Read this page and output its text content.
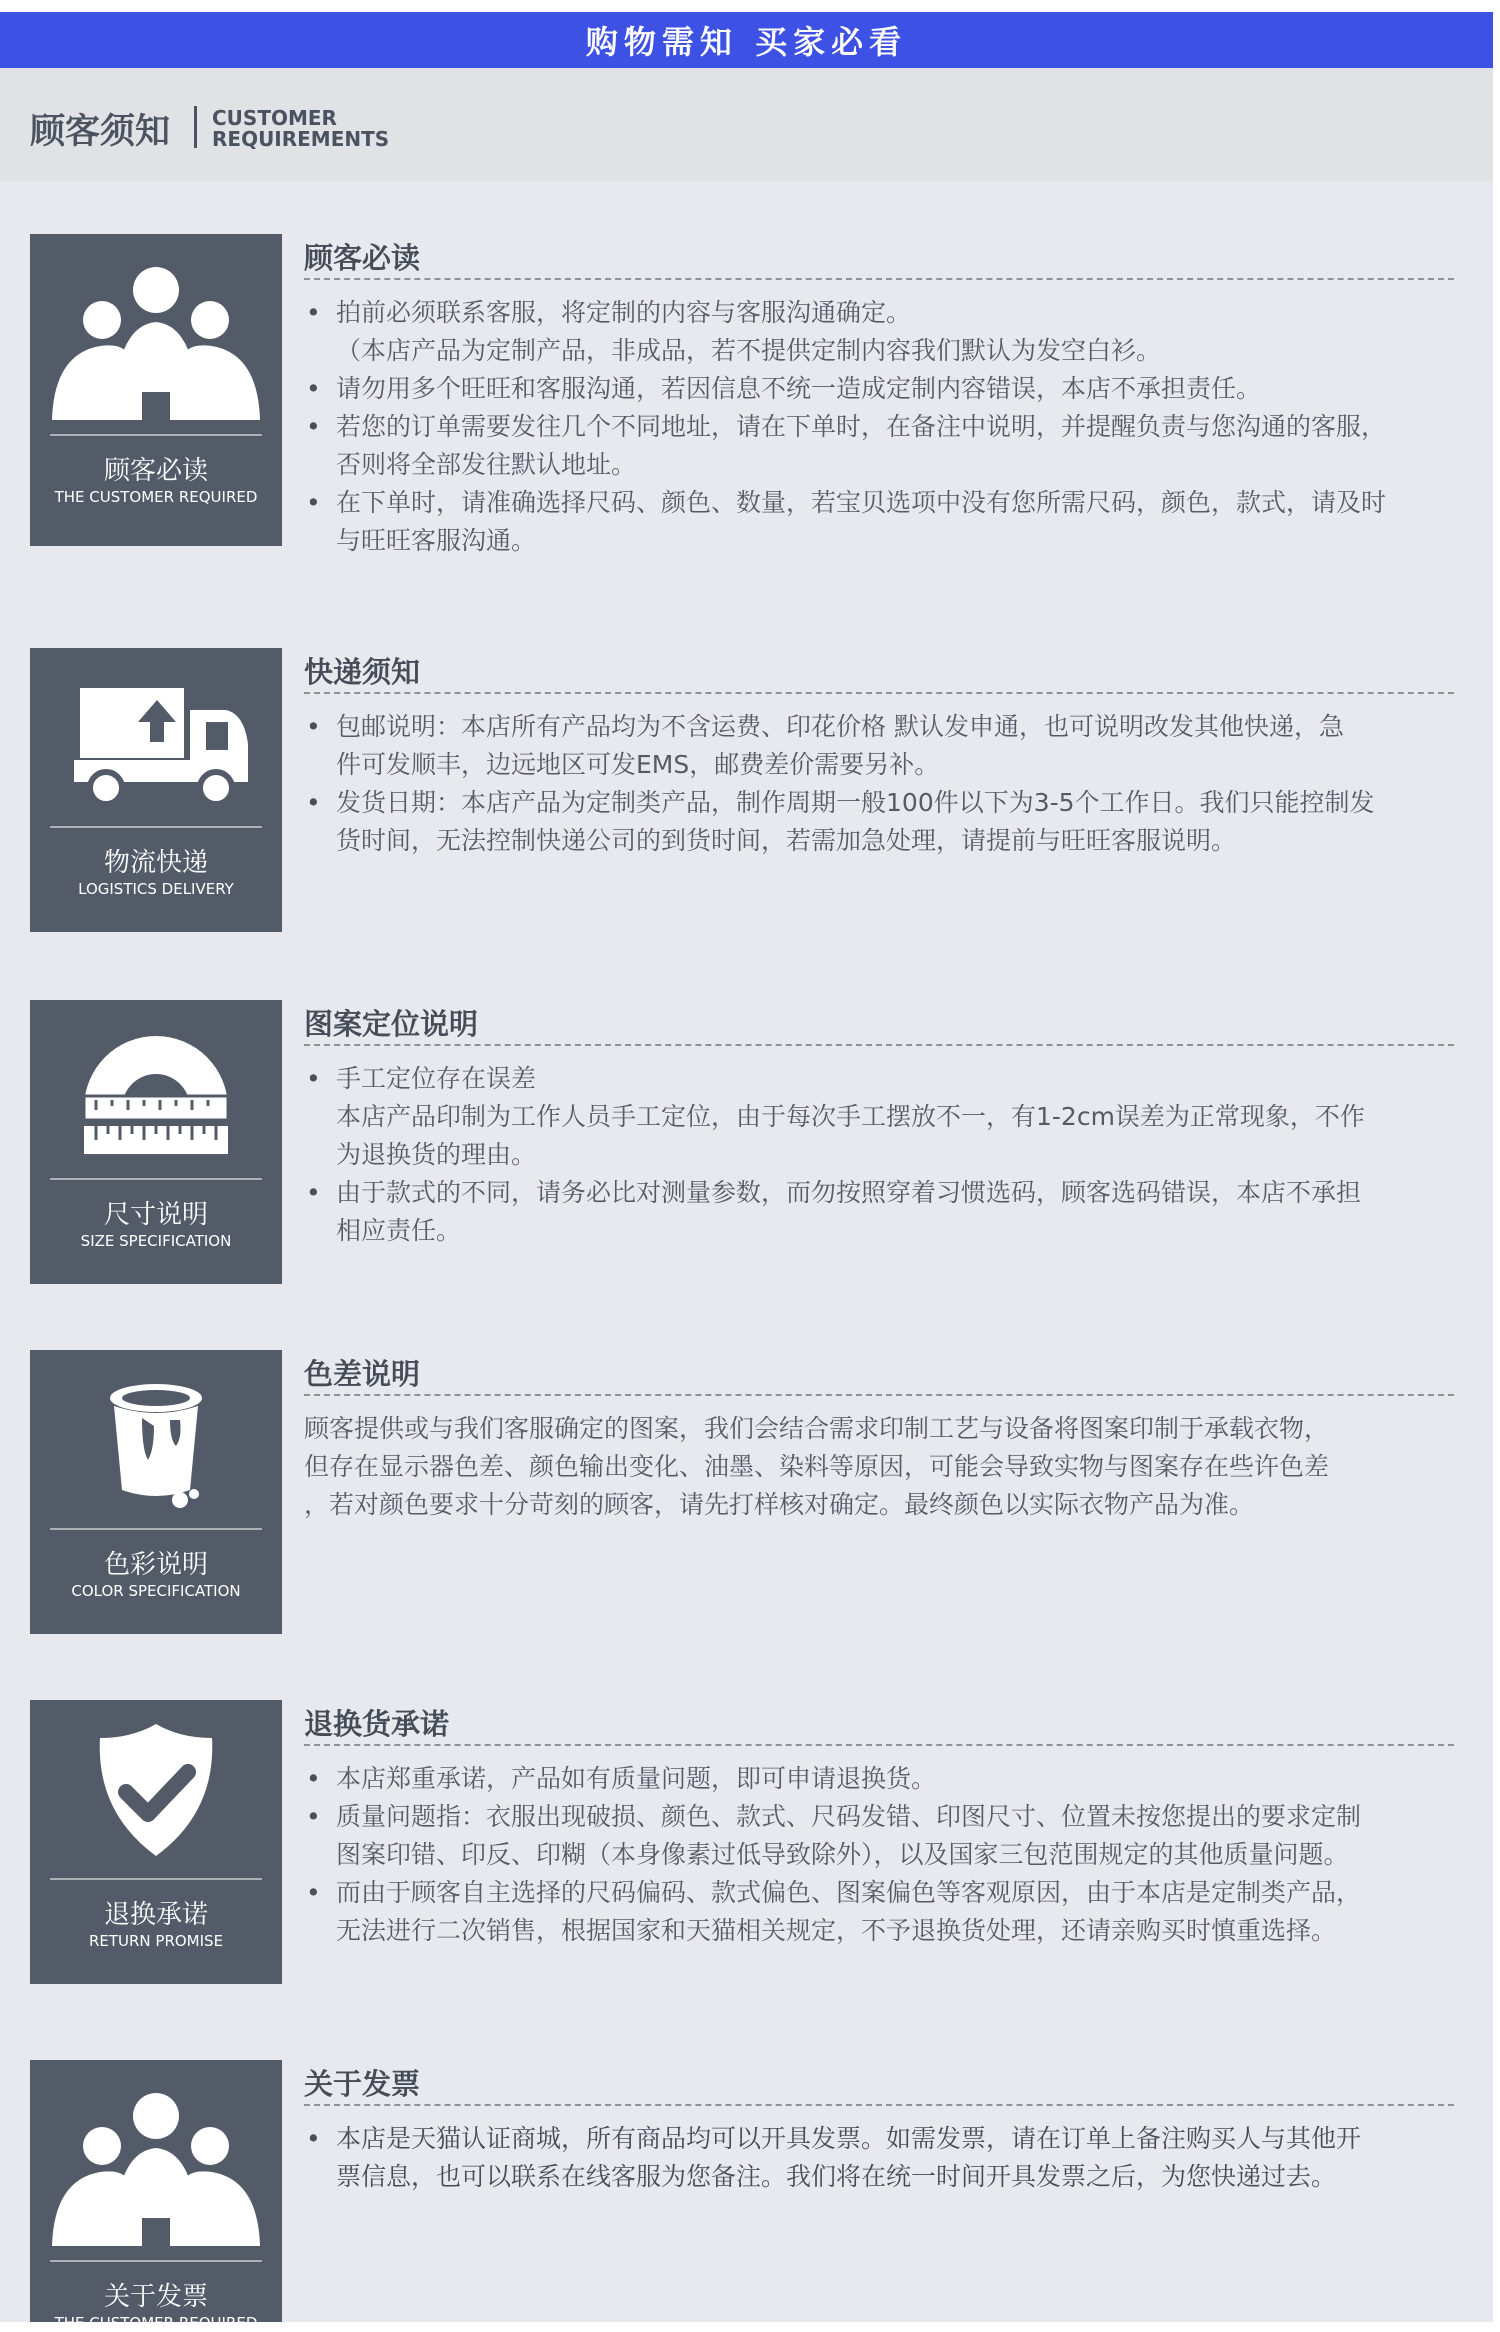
购物需知 买家必看
顾客须知 CUSTOMER
REQUIREMENTS
顾客必读
THE CUSTOMER REQUIRED
顾客必读
• 拍前必须联系客服，将定制的内容与客服沟通确定。
（本店产品为定制产品，非成品，若不提供定制内容我们默认为发空白衫。
• 请勿用多个旺旺和客服沟通，若因信息不统一造成定制内容错误，本店不承担责任。
• 若您的订单需要发往几个不同地址，请在下单时，在备注中说明，并提醒负责与您沟通的客服，
否则将全部发往默认地址。
• 在下单时，请准确选择尺码、颜色、数量，若宝贝选项中没有您所需尺码，颜色，款式，请及时
与旺旺客服沟通。
物流快递
LOGISTICS DELIVERY
快递须知
• 包邮说明：本店所有产品均为不含运费、印花价格 默认发申通，也可说明改发其他快递，急
件可发顺丰，边远地区可发EMS，邮费差价需要另补。
• 发货日期：本店产品为定制类产品，制作周期一般100件以下为3-5个工作日。我们只能控制发
货时间，无法控制快递公司的到货时间，若需加急处理，请提前与旺旺客服说明。
尺寸说明
SIZE SPECIFICATION
图案定位说明
• 手工定位存在误差
本店产品印制为工作人员手工定位，由于每次手工摆放不一，有1-2cm误差为正常现象，不作
为退换货的理由。
• 由于款式的不同，请务必比对测量参数，而勿按照穿着习惯选码，顾客选码错误，本店不承担
相应责任。
色彩说明
COLOR SPECIFICATION
色差说明

顾客提供或与我们客服确定的图案，我们会结合需求印制工艺与设备将图案印制于承载衣物，
但存在显示器色差、颜色输出变化、油墨、染料等原因，可能会导致实物与图案存在些许色差
，若对颜色要求十分苛刻的顾客，请先打样核对确定。最终颜色以实际衣物产品为准。

退换承诺
RETURN PROMISE
退换货承诺
• 本店郑重承诺，产品如有质量问题，即可申请退换货。
• 质量问题指：衣服出现破损、颜色、款式、尺码发错、印图尺寸、位置未按您提出的要求定制
图案印错、印反、印糊（本身像素过低导致除外），以及国家三包范围规定的其他质量问题。
• 而由于顾客自主选择的尺码偏码、款式偏色、图案偏色等客观原因，由于本店是定制类产品，
无法进行二次销售，根据国家和天猫相关规定，不予退换货处理，还请亲购买时慎重选择。
关于发票
THE CUSTOMER REQUIRED
关于发票
• 本店是天猫认证商城，所有商品均可以开具发票。如需发票，请在订单上备注购买人与其他开
票信息，也可以联系在线客服为您备注。我们将在统一时间开具发票之后，为您快递过去。
